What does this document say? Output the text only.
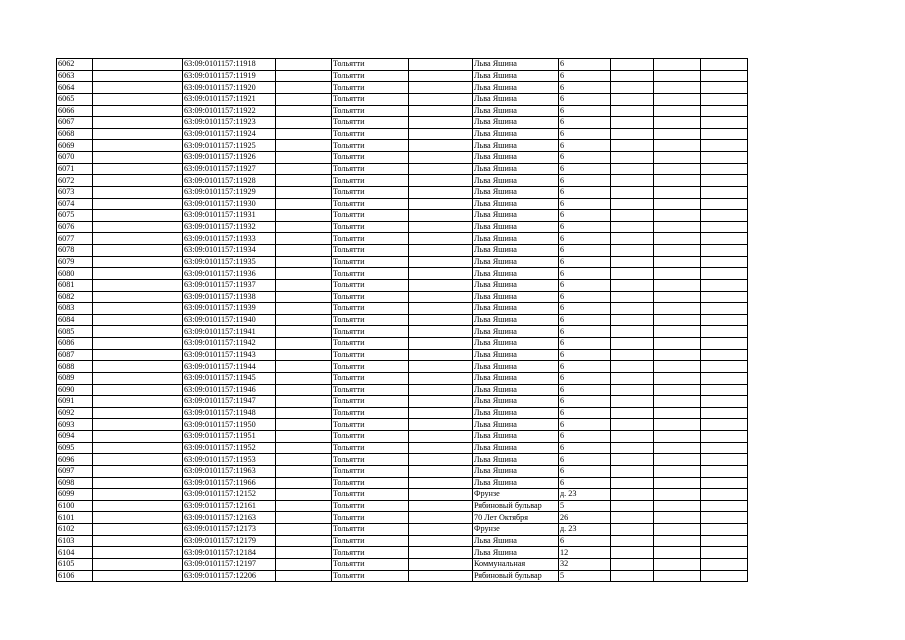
6062		63:09:0101157:11918		Тольятти		Льва Яшина	6			
6063		63:09:0101157:11919		Тольятти		Льва Яшина	6			
6064		63:09:0101157:11920		Тольятти		Льва Яшина	6			
6065		63:09:0101157:11921		Тольятти		Льва Яшина	6			
6066		63:09:0101157:11922		Тольятти		Льва Яшина	6			
6067		63:09:0101157:11923		Тольятти		Льва Яшина	6			
6068		63:09:0101157:11924		Тольятти		Льва Яшина	6			
6069		63:09:0101157:11925		Тольятти		Льва Яшина	6			
6070		63:09:0101157:11926		Тольятти		Льва Яшина	6			
6071		63:09:0101157:11927		Тольятти		Льва Яшина	6			
6072		63:09:0101157:11928		Тольятти		Льва Яшина	6			
6073		63:09:0101157:11929		Тольятти		Льва Яшина	6			
6074		63:09:0101157:11930		Тольятти		Льва Яшина	6			
6075		63:09:0101157:11931		Тольятти		Льва Яшина	6			
6076		63:09:0101157:11932		Тольятти		Льва Яшина	6			
6077		63:09:0101157:11933		Тольятти		Льва Яшина	6			
6078		63:09:0101157:11934		Тольятти		Льва Яшина	6			
6079		63:09:0101157:11935		Тольятти		Льва Яшина	6			
6080		63:09:0101157:11936		Тольятти		Льва Яшина	6			
6081		63:09:0101157:11937		Тольятти		Льва Яшина	6			
6082		63:09:0101157:11938		Тольятти		Льва Яшина	6			
6083		63:09:0101157:11939		Тольятти		Льва Яшина	6			
6084		63:09:0101157:11940		Тольятти		Льва Яшина	6			
6085		63:09:0101157:11941		Тольятти		Льва Яшина	6			
6086		63:09:0101157:11942		Тольятти		Льва Яшина	6			
6087		63:09:0101157:11943		Тольятти		Льва Яшина	6			
6088		63:09:0101157:11944		Тольятти		Льва Яшина	6			
6089		63:09:0101157:11945		Тольятти		Льва Яшина	6			
6090		63:09:0101157:11946		Тольятти		Льва Яшина	6			
6091		63:09:0101157:11947		Тольятти		Льва Яшина	6			
6092		63:09:0101157:11948		Тольятти		Льва Яшина	6			
6093		63:09:0101157:11950		Тольятти		Льва Яшина	6			
6094		63:09:0101157:11951		Тольятти		Льва Яшина	6			
6095		63:09:0101157:11952		Тольятти		Льва Яшина	6			
6096		63:09:0101157:11953		Тольятти		Льва Яшина	6			
6097		63:09:0101157:11963		Тольятти		Льва Яшина	6			
6098		63:09:0101157:11966		Тольятти		Льва Яшина	6			
6099		63:09:0101157:12152		Тольятти		Фрунзе	д. 23			
6100		63:09:0101157:12161		Тольятти		Рябиновый бульвар	5			
6101		63:09:0101157:12163		Тольятти		70 Лет Октября	26			
6102		63:09:0101157:12173		Тольятти		Фрунзе	д. 23			
6103		63:09:0101157:12179		Тольятти		Льва Яшина	6			
6104		63:09:0101157:12184		Тольятти		Льва Яшина	12			
6105		63:09:0101157:12197		Тольятти		Коммунальная	32			
6106		63:09:0101157:12206		Тольятти		Рябиновый бульвар	5			
